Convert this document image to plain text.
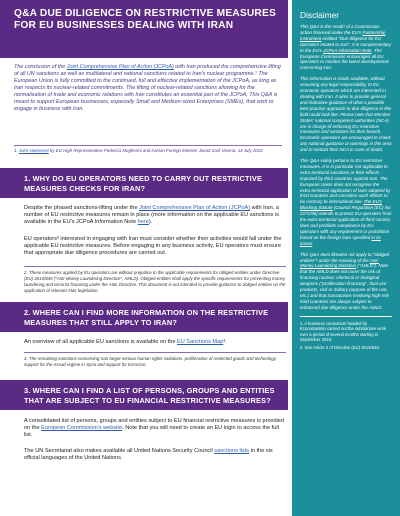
Q&A DUE DILIGENCE ON RESTRICTIVE MEASURES FOR EU BUSINESSES DEALING WITH IRAN
The conclusion of the Joint Comprehensive Plan of Action (JCPoA) with Iran produced the comprehensive lifting of all UN sanctions as well as multilateral and national sanctions related to Iran's nuclear programme.¹ The European Union is fully committed to the continued, full and effective implementation of the JCPoA, as long as Iran respects its nuclear-related commitments. The lifting of nuclear-related sanctions allowing for the normalisation of trade and economic relations with Iran constitutes an essential part of the JCPoA. This Q&A is meant to support European businesses, especially Small and Medium-sized Enterprises (SMEs), that wish to engage in business with Iran.
1. Joint statement by EU High Representative Federica Mogherini and Iranian Foreign Minister Javad Zarif Vienna, 14 July 2015
1. WHY DO EU OPERATORS NEED TO CARRY OUT RESTRICTIVE MEASURES CHECKS FOR IRAN?
Despite the phased sanctions-lifting under the Joint Comprehensive Plan of Action (JCPoA) with Iran, a number of EU restrictive measures remain in place (more information on the applicable EU sanctions is available in the EU's JCPoA Information Note here).
EU operators² interested in engaging with Iran must consider whether their activities would fall under the applicable EU restrictive measures. Before engaging in any business activity, EU operators must ensure that appropriate due diligence procedures are carried out.
2. These measures applied by EU operators are without prejudice to the applicable requirements for obliged entities under Directive (EU) 2015/849 ("Anti-Money Laundering Directive", AMLD). Obliged entities shall apply the specific requirements for preventing money laundering and terrorist financing under the AML Directive. This document is not intended to provide guidance to obliged entities on the application of relevant AML legislation.
2. WHERE CAN I FIND MORE INFORMATION ON THE RESTRICTIVE MEASURES THAT STILL APPLY TO IRAN?
An overview of all applicable EU sanctions is available on the EU Sanctions Map³.
3. The remaining sanctions concerning Iran target serious human rights violations, proliferation of restricted goods and technology, support for the Assad regime in Syria and support for terrorism.
3. WHERE CAN I FIND A LIST OF PERSONS, GROUPS AND ENTITIES THAT ARE SUBJECT TO EU FINANCIAL RESTRICTIVE MEASURES?
A consolidated list of persons, groups and entities subject to EU financial restrictive measures is provided on the European Commission's website. Note that you will need to create an EU login to access the full list.
The UN Secretariat also makes available all United Nations Security Council sanctions lists in the six official languages of the United Nations.
Disclaimer
This Q&A is the result¹ of a Commission action financed under the EU's Partnership Instrument entitled "Due diligence for EU operators related to Iran". It is complementary to the EU's JCPoA Information Note. The European Commission encourages all EU operators to monitor the latest developments concerning Iran.
This information is made available, without assuming any legal responsibility, to EU economic operators which are interested in dealing with Iran. It aims to provide general and indicative guidance of what a possible best practice approach to due diligence in this field could look like. Please note that Member States' national competent authorities (NCA) are in charge of enforcing EU restrictive measures and sanctions for their breach. Economic operators are encouraged to check any national guidance or warnings in this area and to contact their NCA in case of doubt.
This Q&A solely pertains to EU restrictive measures. It is in particular not applicable to extra-territorial sanctions or their effects imposed by third countries against Iran. The European Union does not recognise the extra-territorial application of laws adopted by third countries and considers such effects to be contrary to international law. The EU's Blocking Statute (Council Regulation (EC) No 2271/96) intends to protect EU operators from the extra-territorial application of third country laws and prohibits compliance by EU operators with any requirement or prohibition based on the foreign laws specified in its annex.
This Q&A does likewise not apply to "obliged entities"² under the meaning of the Anti-Money Laundering Directive ("AMLD"). Note that the AMLD does not cover the risk of financing nuclear, chemical or biological weapons ("proliferation financing", dual use products, civil or military purpose of the use, etc.) and that transactions involving high-risk third countries are always subject to enhanced due diligence under the AMLD.
1. A business consortium headed by EconoSanktio carried out the substantive work over a period of several months starting in September 2019.
2. See Article 2 of Directive (EU) 2015/849.
